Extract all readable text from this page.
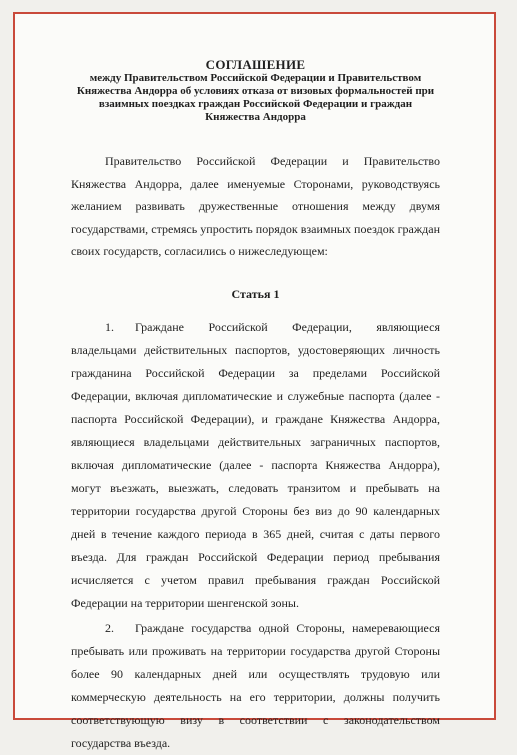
СОГЛАШЕНИЕ
между Правительством Российской Федерации и Правительством
Княжества Андорра об условиях отказа от визовых формальностей при
взаимных поездках граждан Российской Федерации и граждан
Княжества Андорра

Правительство Российской Федерации и Правительство Княжества Андорра, далее именуемые Сторонами, руководствуясь желанием развивать дружественные отношения между двумя государствами, стремясь упростить порядок взаимных поездок граждан своих государств, согласились о нижеследующем:

Статья 1

1. Граждане Российской Федерации, являющиеся владельцами действительных паспортов, удостоверяющих личность гражданина Российской Федерации за пределами Российской Федерации, включая дипломатические и служебные паспорта (далее - паспорта Российской Федерации), и граждане Княжества Андорра, являющиеся владельцами действительных заграничных паспортов, включая дипломатические (далее - паспорта Княжества Андорра), могут въезжать, выезжать, следовать транзитом и пребывать на территории государства другой Стороны без виз до 90 календарных дней в течение каждого периода в 365 дней, считая с даты первого въезда. Для граждан Российской Федерации период пребывания исчисляется с учетом правил пребывания граждан Российской Федерации на территории шенгенской зоны.

2. Граждане государства одной Стороны, намеревающиеся пребывать или проживать на территории государства другой Стороны более 90 календарных дней или осуществлять трудовую или коммерческую деятельность на его территории, должны получить соответствующую визу в соответствии с законодательством государства въезда.
